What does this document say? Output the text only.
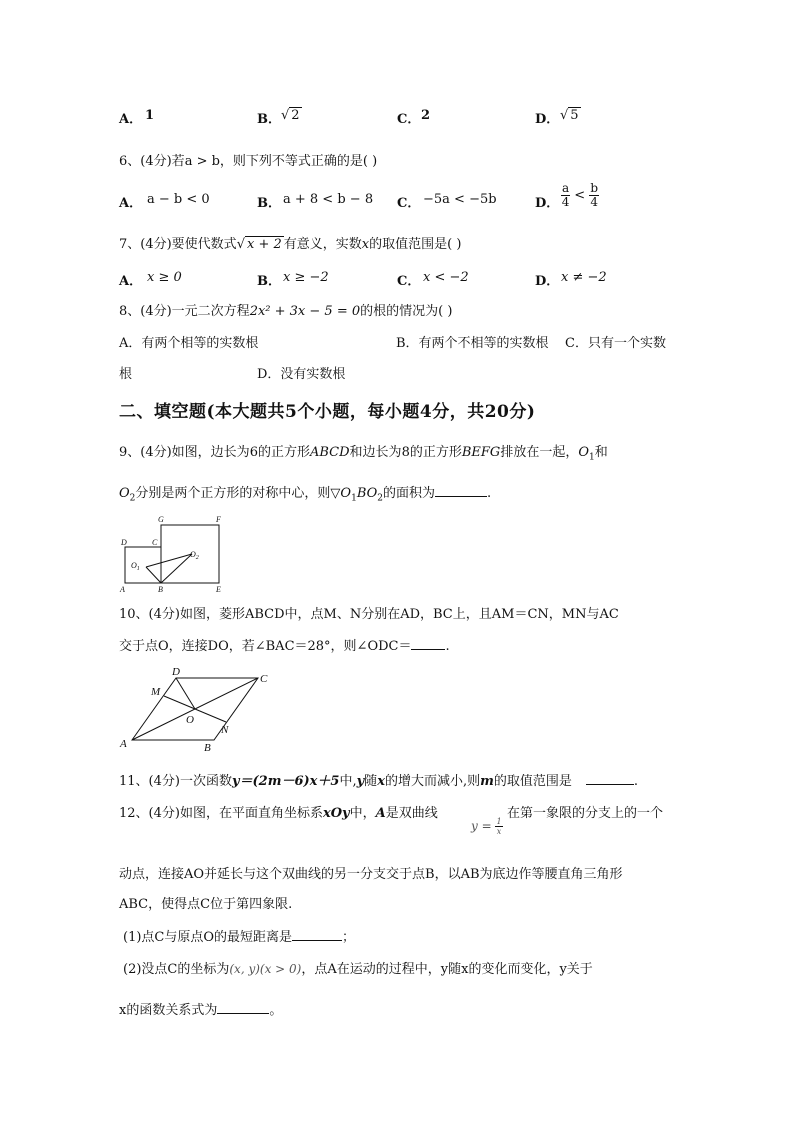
A． 1	B． √ 2	C． 2	D． √ 5
6、(4分)若a > b，则下列不等式正确的是( )
A． a − b < 0	B． a + 8 < b − 8 C． −5a < −5b	D． $\frac{a}{4} < \frac{b}{4}$
7、(4分)要使代数式√ x + 2 有意义，实数x的取值范围是( )
A． x ≥ 0	B． x ≥ −2	C． x < −2	D． x ≠ −2
8、(4分)一元二次方程2x² + 3x − 5 = 0的根的情况为( )
A．有两个相等的实数根	B．有两个不相等的实数根 C．只有一个实数
根	D．没有实数根
二、填空题(本大题共5个小题，每小题4分，共20分)
9、(4分)如图，边长为6的正方形ABCD和边长为8的正方形BEFG排放在一起，$O_1$和
$O_2$分别是两个正方形的对称中心，则$▽O_1BO_2$的面积为	.
G	F
D	C
$O_1$
$O_2$
A	B	E
10、(4分)如图，菱形ABCD中，点M、N分别在AD，BC上，且AM＝CN，MN与AC
交于点O，连接DO，若∠BAC＝28°，则∠ODC＝	.
D
C
M
O
N
A	B
11、(4分)一次函数y＝(2m－6)x＋5中,y随x的增大而减小,则m的取值范围是	.
12、(4分)如图，在平面直角坐标系xOy中，A是双曲线
$y = \frac{1}{x}$
在第一象限的分支上的一个
动点，连接AO并延长与这个双曲线的另一分支交于点B，以AB为底边作等腰直角三角形
ABC，使得点C位于第四象限.
(1)点C与原点O的最短距离是	；
(2)没点C的坐标为(x, y)(x > 0)，点A在运动的过程中，y随x的变化而变化，y关于
x的函数关系式为	。
